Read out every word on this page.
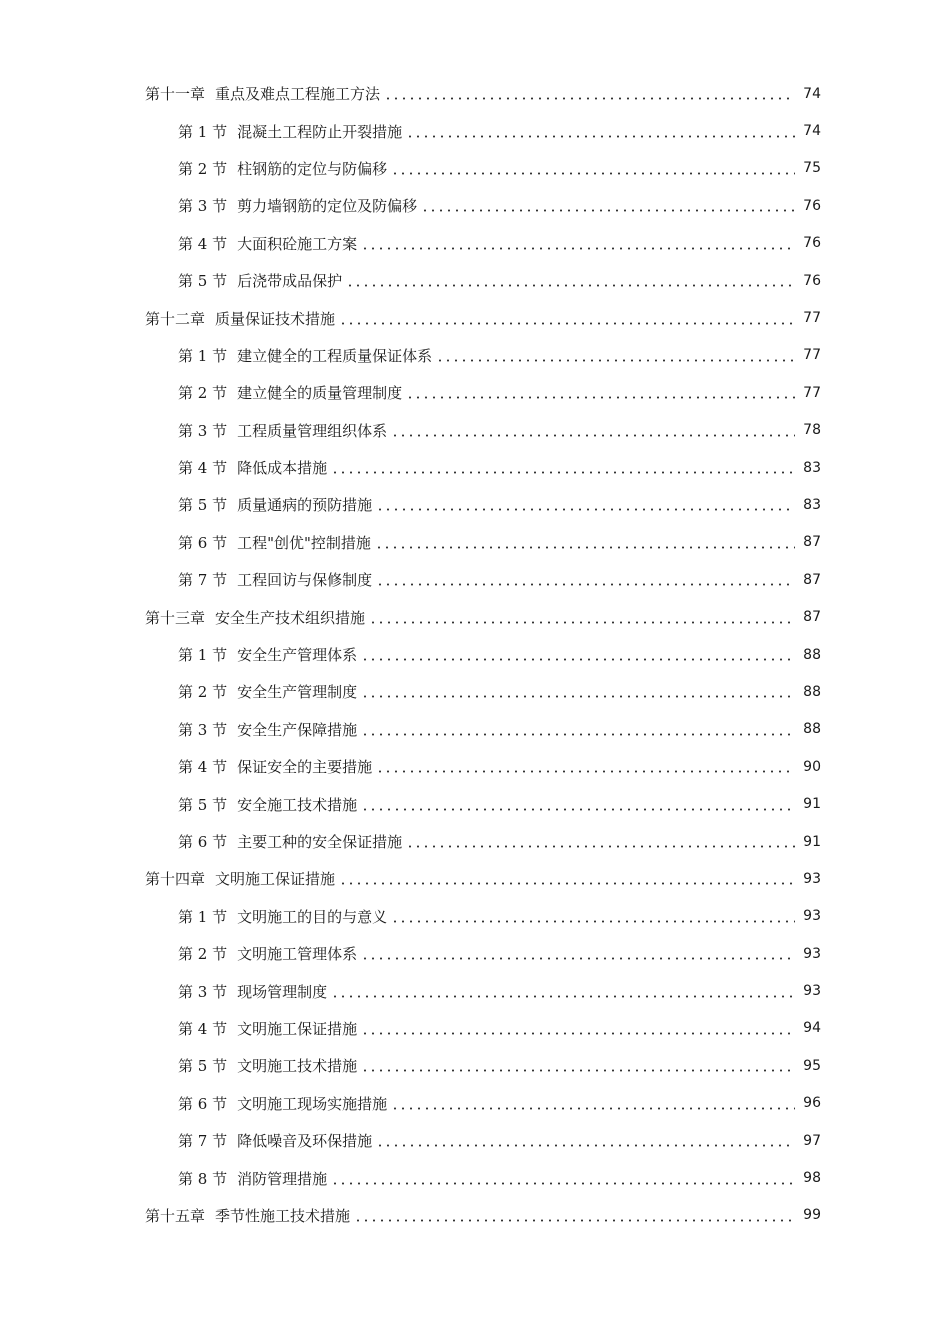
第十一章 重点及难点工程施工方法	74
第 1 节 混凝土工程防止开裂措施	74
第 2 节 柱钢筋的定位与防偏移	75
第 3 节 剪力墙钢筋的定位及防偏移	76
第 4 节 大面积砼施工方案	76
第 5 节 后浇带成品保护	76
第十二章 质量保证技术措施	77
第 1 节 建立健全的工程质量保证体系	77
第 2 节 建立健全的质量管理制度	77
第 3 节 工程质量管理组织体系	78
第 4 节 降低成本措施	83
第 5 节 质量通病的预防措施	83
第 6 节 工程"创优"控制措施	87
第 7 节 工程回访与保修制度	87
第十三章 安全生产技术组织措施	87
第 1 节 安全生产管理体系	88
第 2 节 安全生产管理制度	88
第 3 节 安全生产保障措施	88
第 4 节 保证安全的主要措施	90
第 5 节 安全施工技术措施	91
第 6 节 主要工种的安全保证措施	91
第十四章 文明施工保证措施	93
第 1 节 文明施工的目的与意义	93
第 2 节 文明施工管理体系	93
第 3 节 现场管理制度	93
第 4 节 文明施工保证措施	94
第 5 节 文明施工技术措施	95
第 6 节 文明施工现场实施措施	96
第 7 节 降低噪音及环保措施	97
第 8 节 消防管理措施	98
第十五章 季节性施工技术措施	99
